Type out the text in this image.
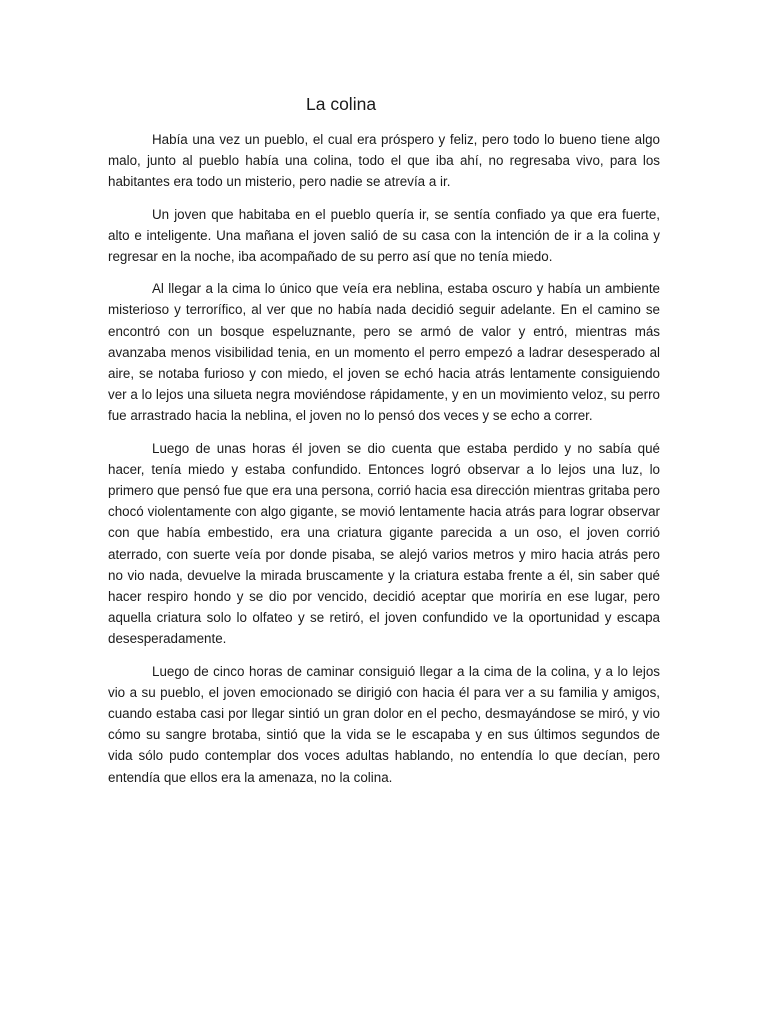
La colina

Había una vez un pueblo, el cual era próspero y feliz, pero todo lo bueno tiene algo malo, junto al pueblo había una colina, todo el que iba ahí, no regresaba vivo, para los habitantes era todo un misterio, pero nadie se atrevía a ir.

Un joven que habitaba en el pueblo quería ir, se sentía confiado ya que era fuerte, alto e inteligente. Una mañana el joven salió de su casa con la intención de ir a la colina y regresar en la noche, iba acompañado de su perro así que no tenía miedo.

Al llegar a la cima lo único que veía era neblina, estaba oscuro y había un ambiente misterioso y terrorífico, al ver que no había nada decidió seguir adelante. En el camino se encontró con un bosque espeluznante, pero se armó de valor y entró, mientras más avanzaba menos visibilidad tenia, en un momento el perro empezó a ladrar desesperado al aire, se notaba furioso y con miedo, el joven se echó hacia atrás lentamente consiguiendo ver a lo lejos una silueta negra moviéndose rápidamente, y en un movimiento veloz, su perro fue arrastrado hacia la neblina, el joven no lo pensó dos veces y se echo a correr.

Luego de unas horas él joven se dio cuenta que estaba perdido y no sabía qué hacer, tenía miedo y estaba confundido. Entonces logró observar a lo lejos una luz, lo primero que pensó fue que era una persona, corrió hacia esa dirección mientras gritaba pero chocó violentamente con algo gigante, se movió lentamente hacia atrás para lograr observar con que había embestido, era una criatura gigante parecida a un oso, el joven corrió aterrado, con suerte veía por donde pisaba, se alejó varios metros y miro hacia atrás pero no vio nada, devuelve la mirada bruscamente y la criatura estaba frente a él, sin saber qué hacer respiro hondo y se dio por vencido, decidió aceptar que moriría en ese lugar, pero aquella criatura solo lo olfateo y se retiró, el joven confundido ve la oportunidad y escapa desesperadamente.

Luego de cinco horas de caminar consiguió llegar a la cima de la colina, y a lo lejos vio a su pueblo, el joven emocionado se dirigió con hacia él para ver a su familia y amigos, cuando estaba casi por llegar sintió un gran dolor en el pecho, desmayándose se miró, y vio cómo su sangre brotaba, sintió que la vida se le escapaba y en sus últimos segundos de vida sólo pudo contemplar dos voces adultas hablando, no entendía lo que decían, pero entendía que ellos era la amenaza, no la colina.
